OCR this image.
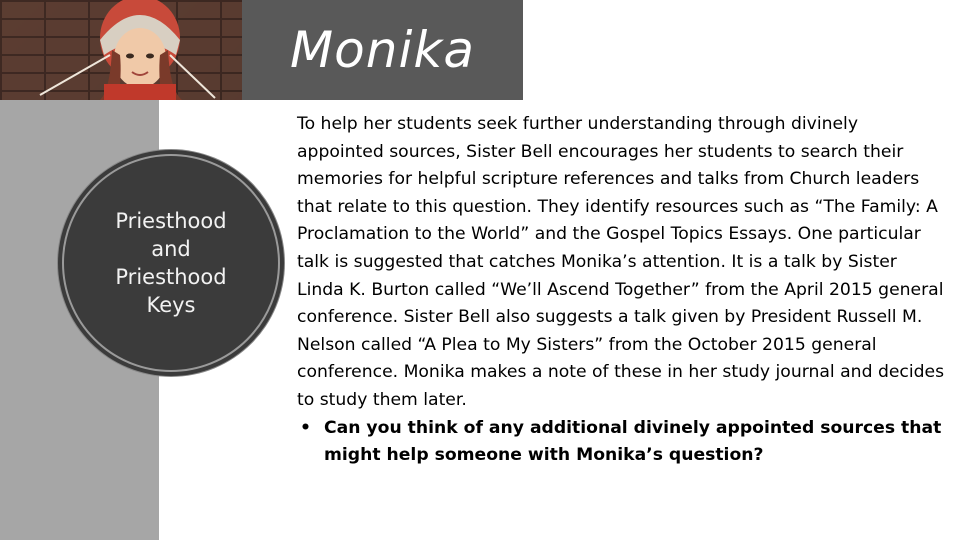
Monika
Priesthood and Priesthood Keys

To help her students seek further understanding through divinely appointed sources, Sister Bell encourages her students to search their memories for helpful scripture references and talks from Church leaders that relate to this question. They identify resources such as “The Family: A Proclamation to the World” and the Gospel Topics Essays. One particular talk is suggested that catches Monika’s attention. It is a talk by Sister Linda K. Burton called “We’ll Ascend Together” from the April 2015 general conference. Sister Bell also suggests a talk given by President Russell M. Nelson called “A Plea to My Sisters” from the October 2015 general conference. Monika makes a note of these in her study journal and decides to study them later.

• Can you think of any additional divinely appointed sources that might help someone with Monika’s question?
